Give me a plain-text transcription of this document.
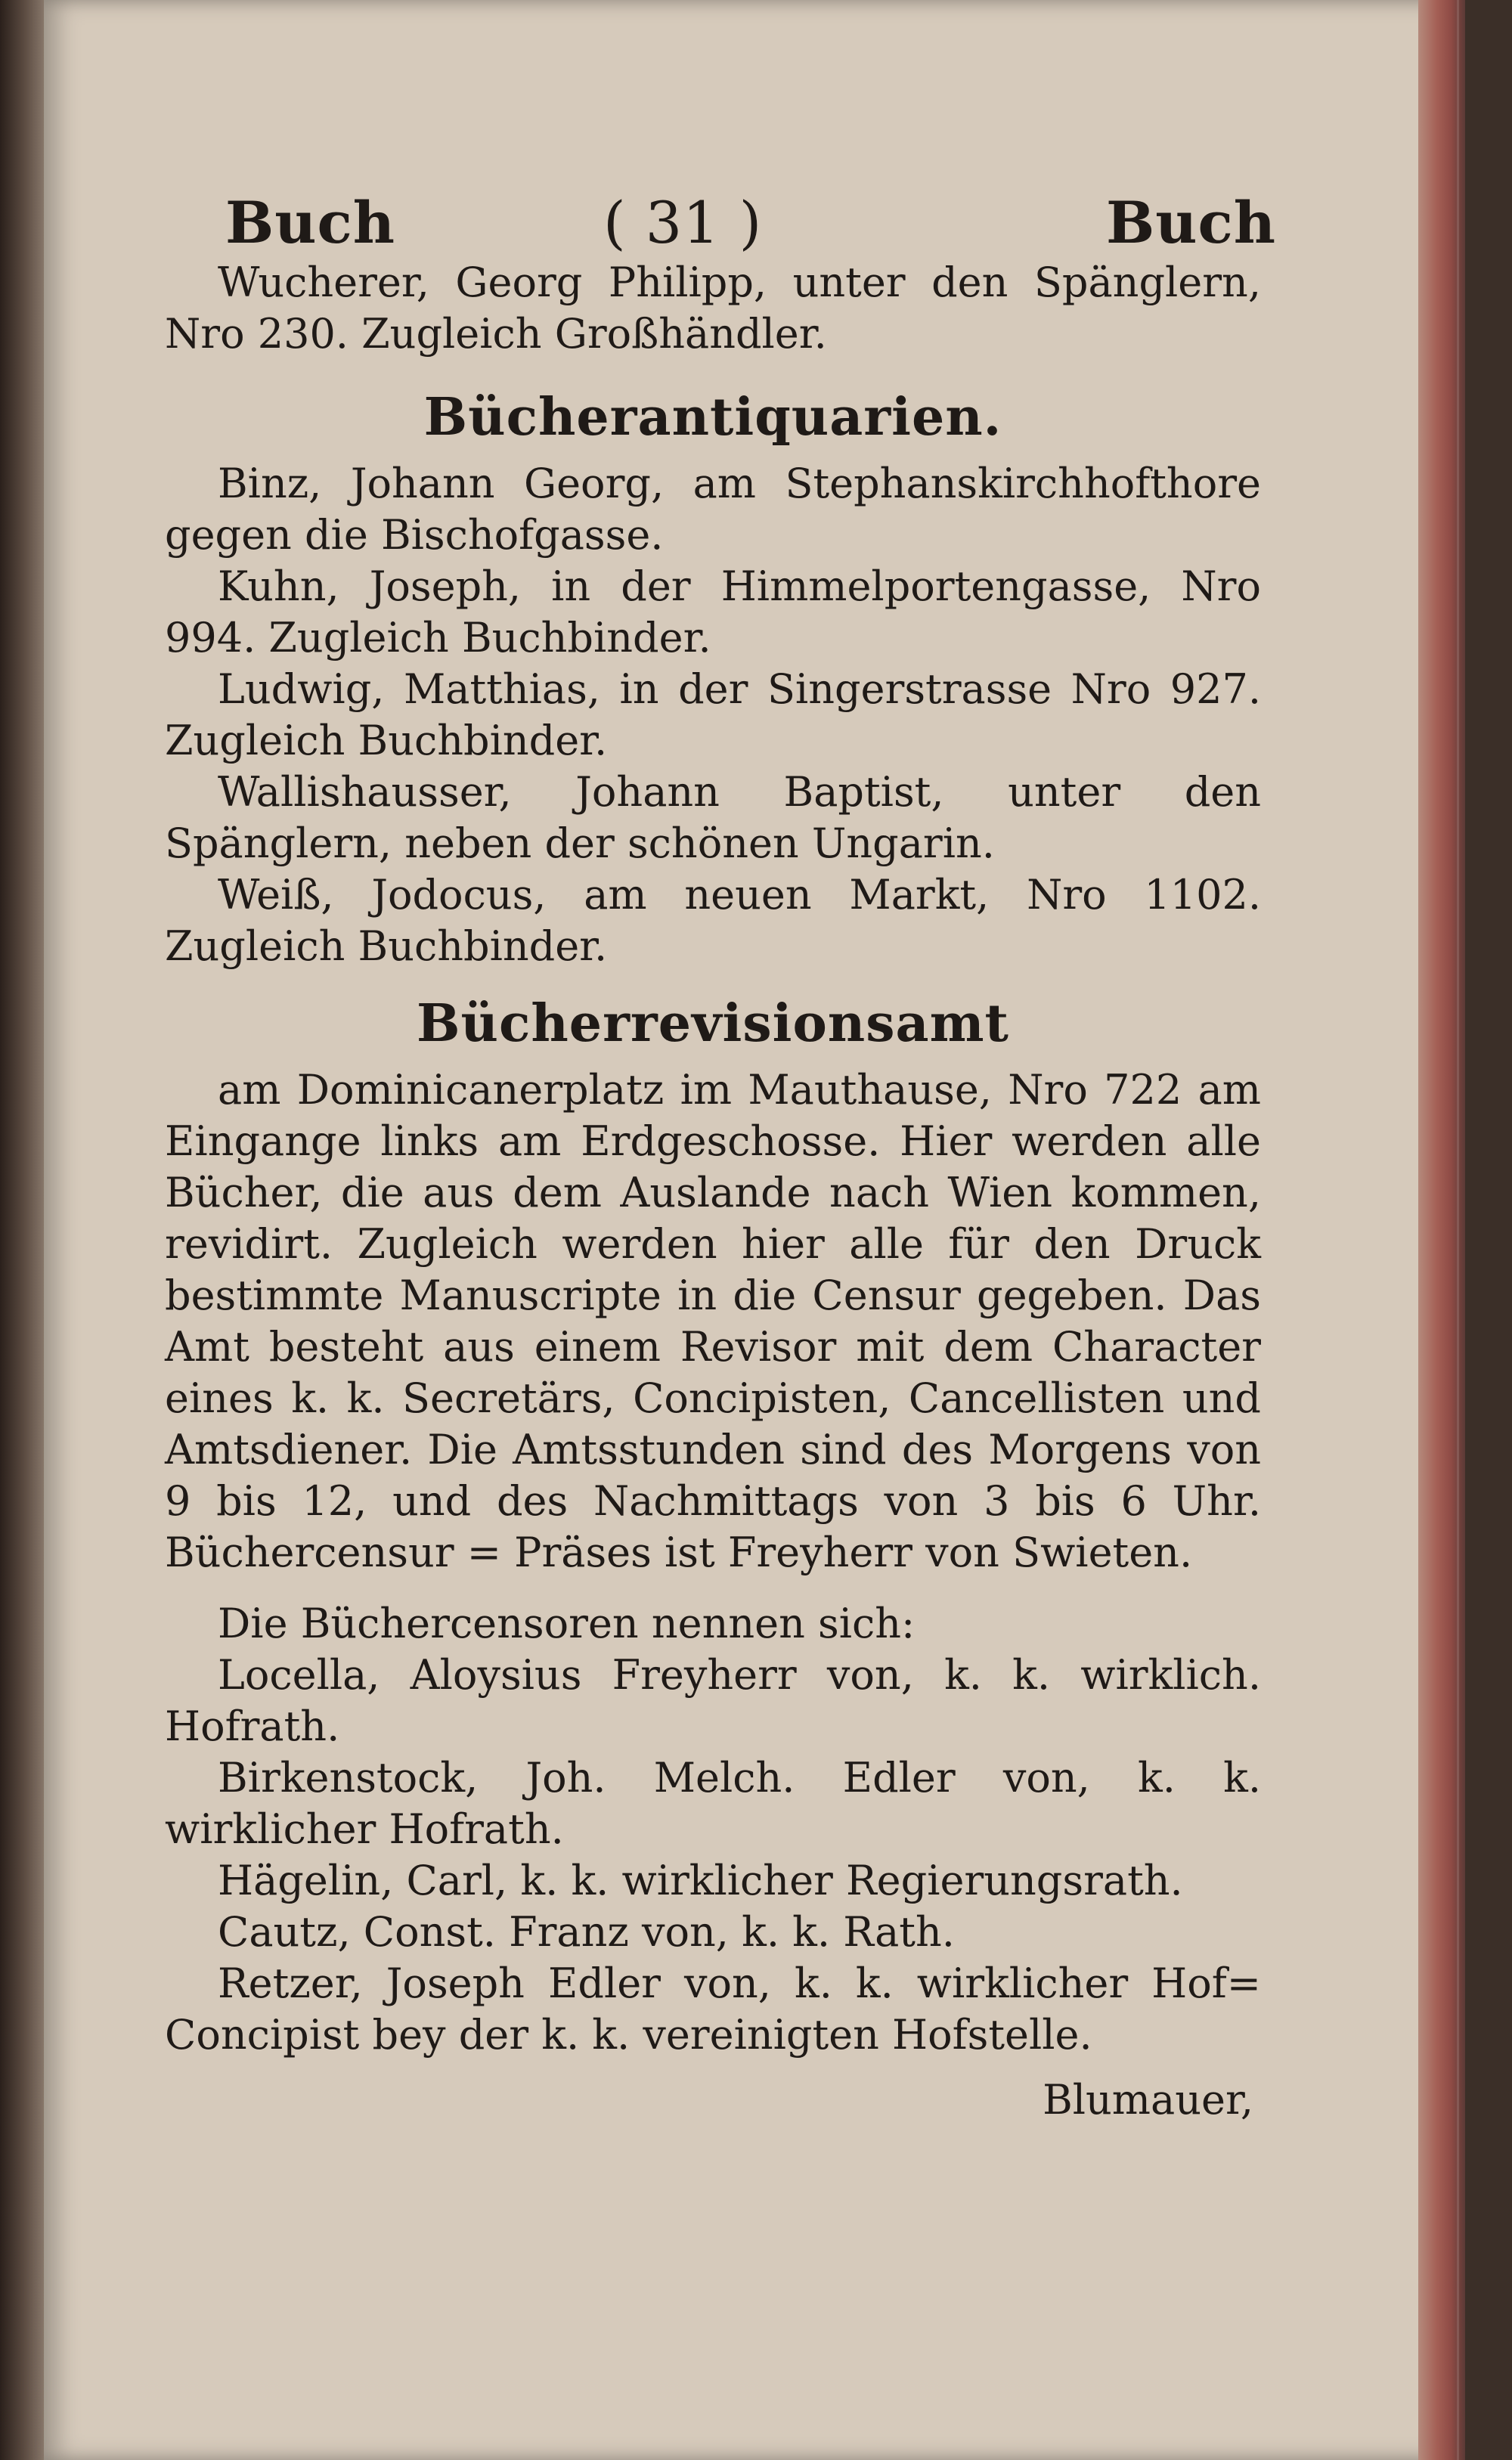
Buch	( 31 )	Buch

Wucherer, Georg Philipp, unter den Spänglern, Nro 230. Zugleich Großhändler.

Bücherantiquarien.

Binz, Johann Georg, am Stephanskirchhofthore gegen die Bischofgasse.

Kuhn, Joseph, in der Himmelportengasse, Nro 994. Zugleich Buchbinder.

Ludwig, Matthias, in der Singerstrasse Nro 927. Zugleich Buchbinder.

Wallishausser, Johann Baptist, unter den Spänglern, neben der schönen Ungarin.

Weiß, Jodocus, am neuen Markt, Nro 1102. Zugleich Buchbinder.

Bücherrevisionsamt

am Dominicanerplatz im Mauthause, Nro 722 am Eingange links am Erdgeschosse. Hier werden alle Bücher, die aus dem Auslande nach Wien kommen, revidirt. Zugleich werden hier alle für den Druck bestimmte Manuscripte in die Censur gegeben. Das Amt besteht aus einem Revisor mit dem Character eines k. k. Secretärs, Concipisten, Cancellisten und Amtsdiener. Die Amtsstunden sind des Morgens von 9 bis 12, und des Nachmittags von 3 bis 6 Uhr. Büchercensur = Präses ist Freyherr von Swieten.

Die Büchercensoren nennen sich:

Locella, Aloysius Freyherr von, k. k. wirklich. Hofrath.

Birkenstock, Joh. Melch. Edler von, k. k. wirklicher Hofrath.

Hägelin, Carl, k. k. wirklicher Regierungsrath.

Cautz, Const. Franz von, k. k. Rath.

Retzer, Joseph Edler von, k. k. wirklicher Hof= Concipist bey der k. k. vereinigten Hofstelle.

Blumauer,
